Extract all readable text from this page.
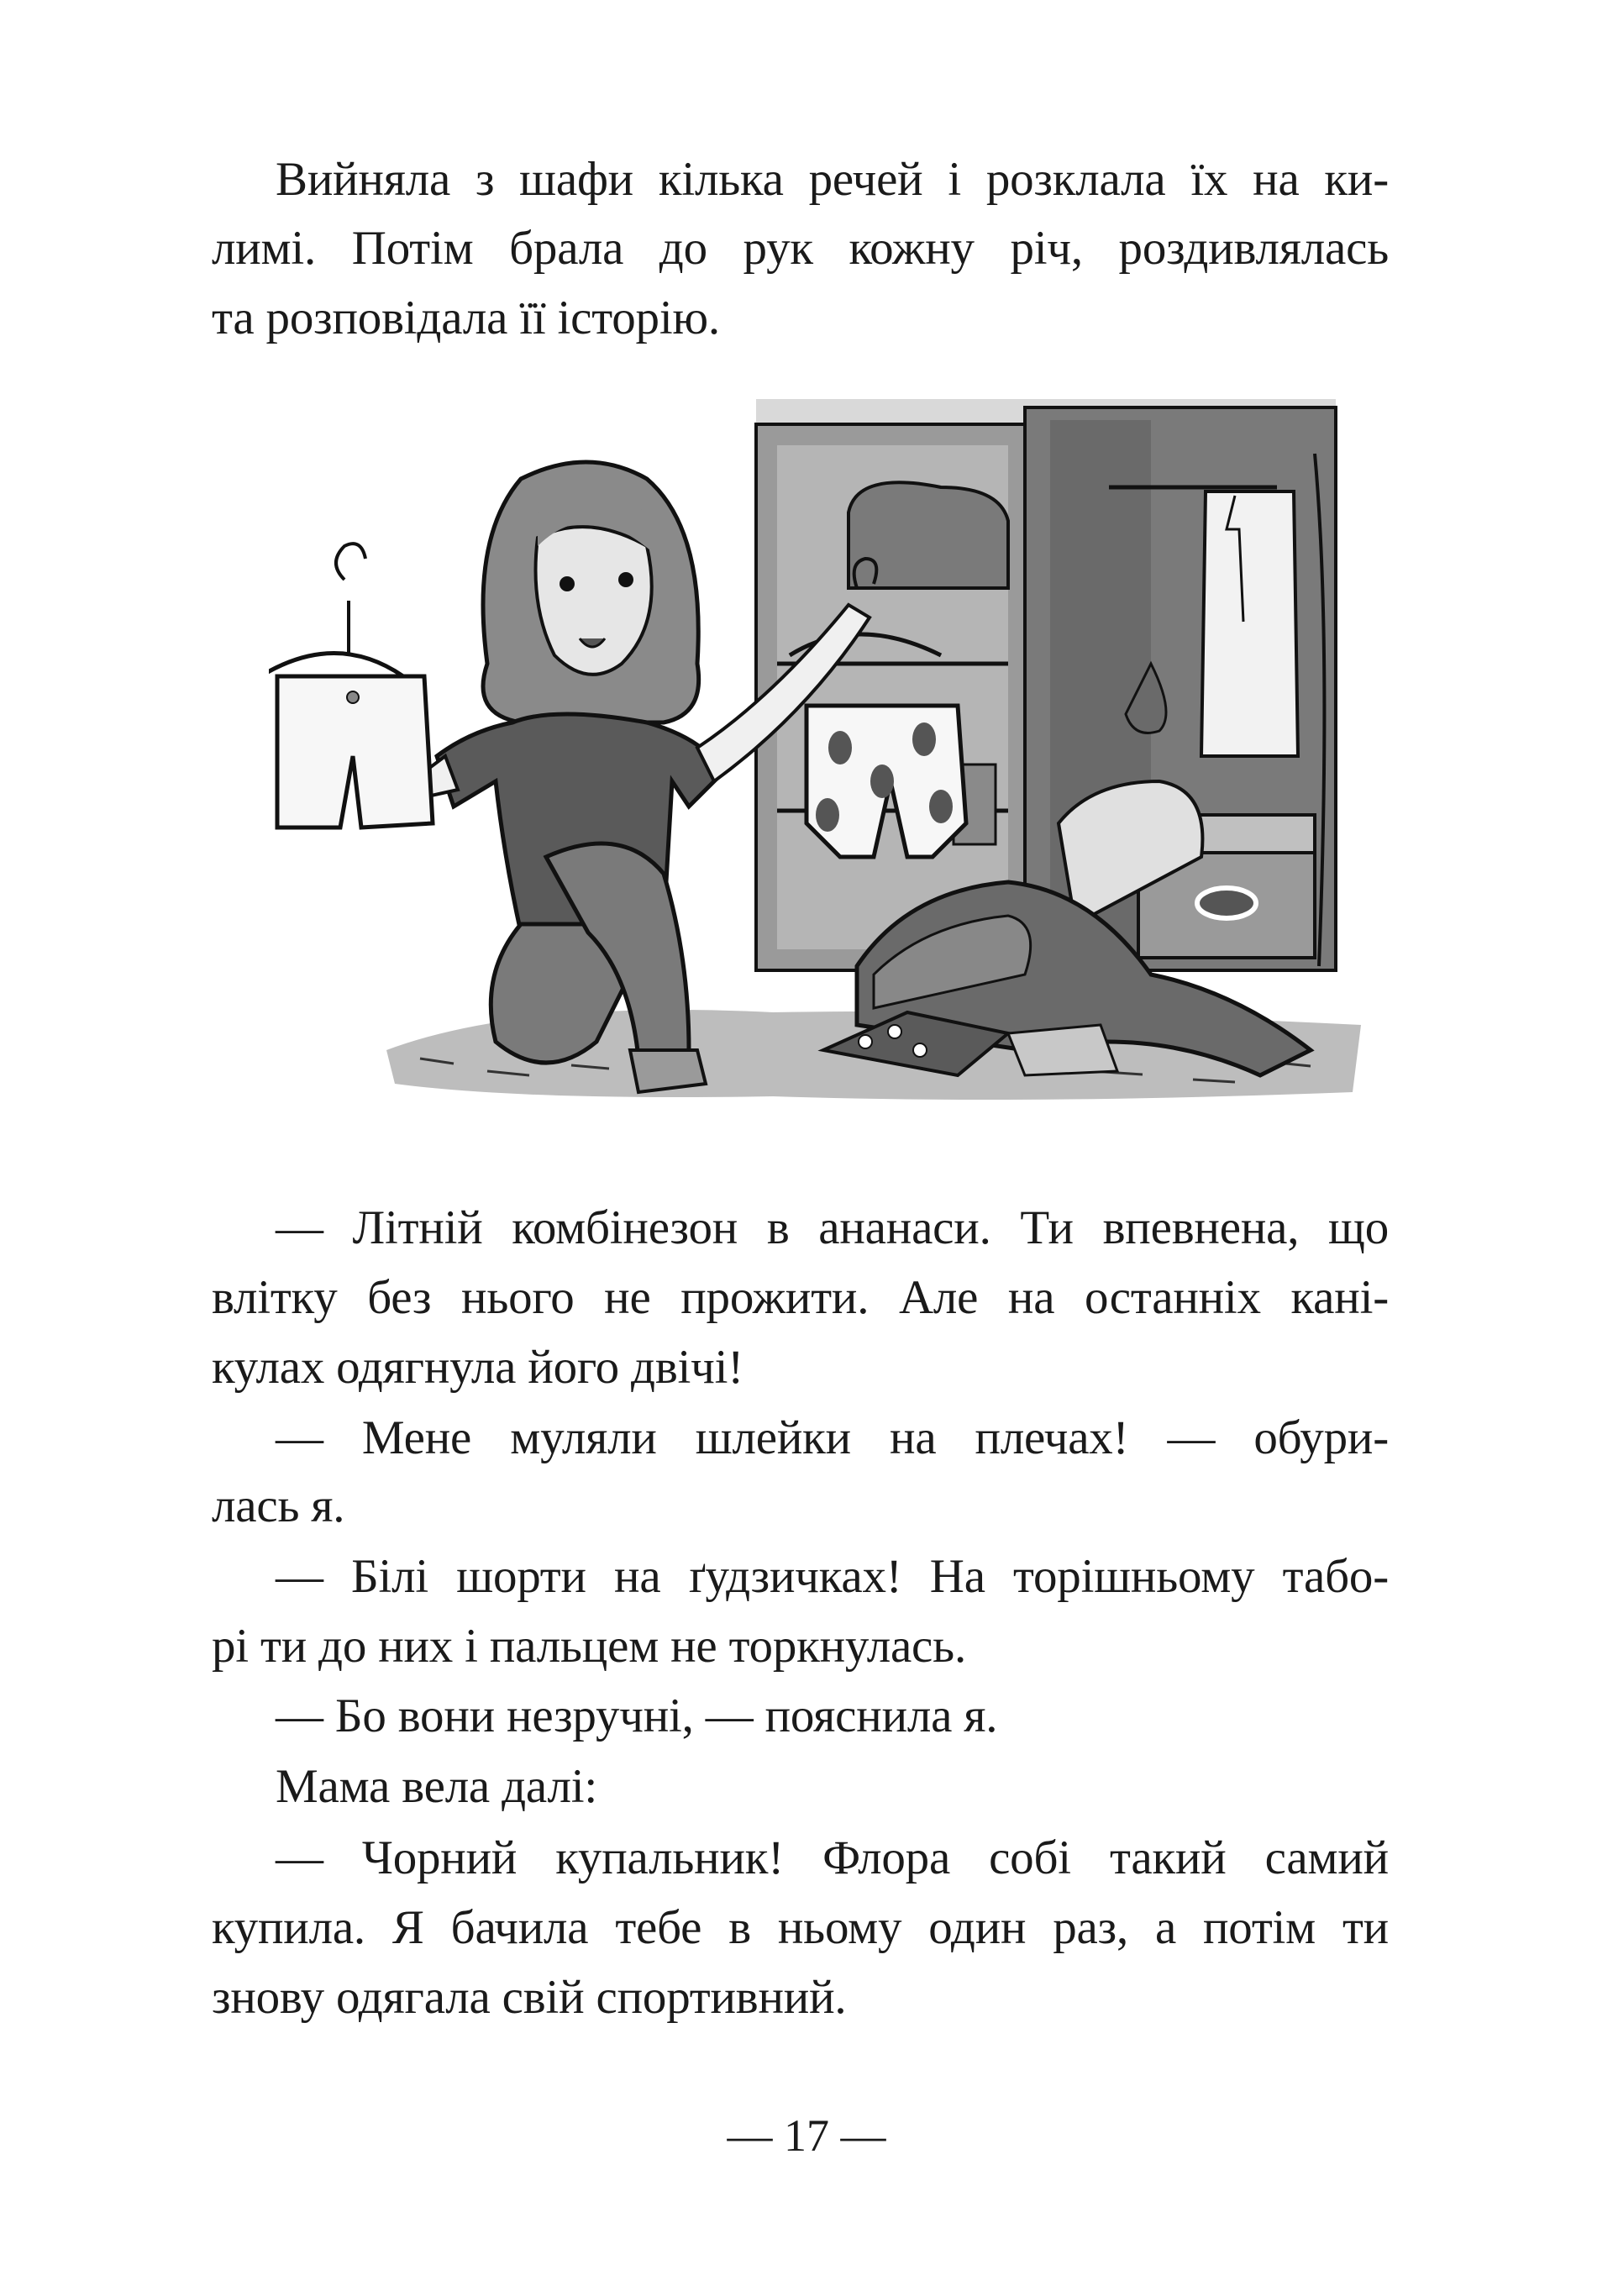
Вийняла з шафи кілька речей і розклала їх на ки-
лимі. Потім брала до рук кожну річ, роздивлялась
та розповідала її історію.
— Літній комбінезон в ананаси. Ти впевнена, що
влітку без нього не прожити. Але на останніх кані-
кулах одягнула його двічі!
— Мене муляли шлейки на плечах! — обури-
лась я.
— Білі шорти на ґудзичках! На торішньому табо-
рі ти до них і пальцем не торкнулась.
— Бо вони незручні, — пояснила я.
Мама вела далі:
— Чорний купальник! Флора собі такий самий
купила. Я бачила тебе в ньому один раз, а потім ти
знову одягала свій спортивний.
— 17 —
